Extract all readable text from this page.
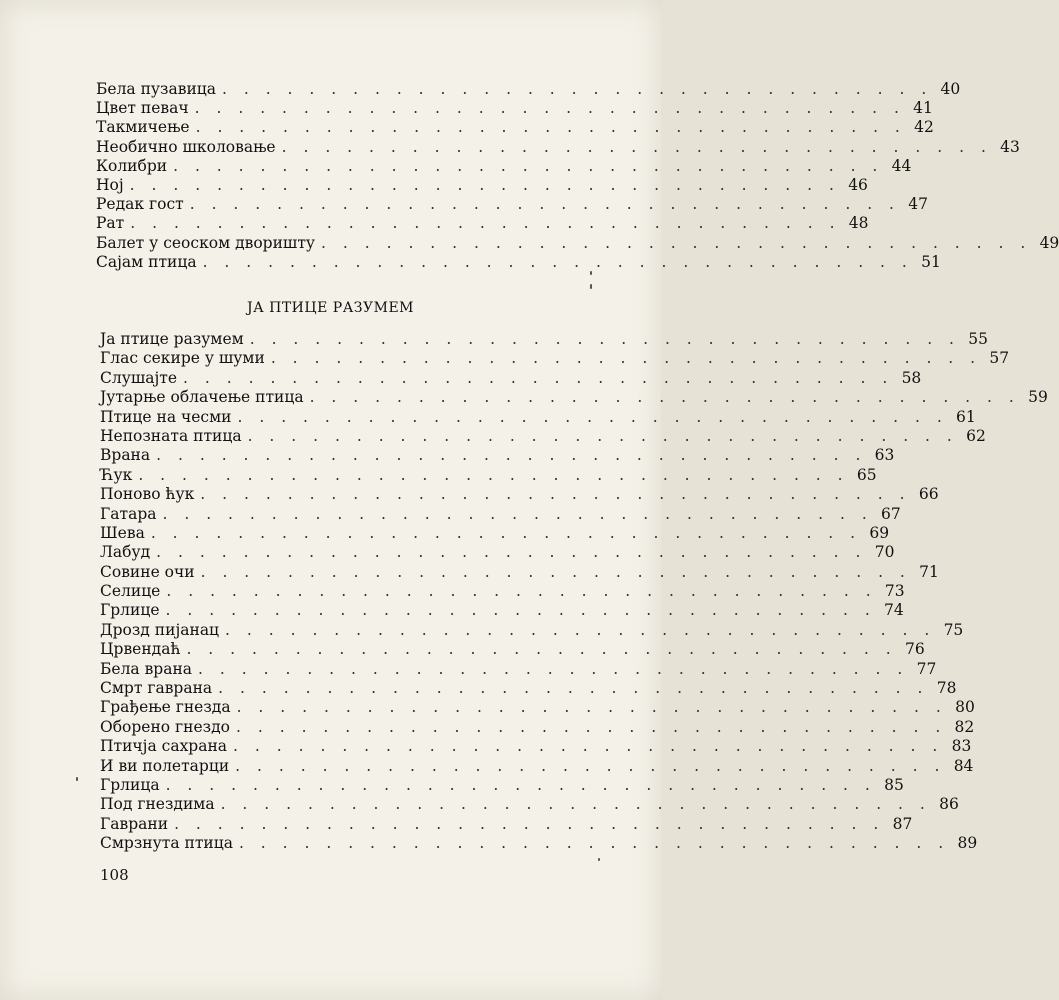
Бела пузавица . . . . . . . . . . . . . . . . . . . . . . . . . . . . . . . . . 40
Цвет певач . . . . . . . . . . . . . . . . . . . . . . . . . . . . . . . . . 41
Такмичење . . . . . . . . . . . . . . . . . . . . . . . . . . . . . . . . . 42
Необично школовање . . . . . . . . . . . . . . . . . . . . . . . . . . . . . . . . . 43
Колибри . . . . . . . . . . . . . . . . . . . . . . . . . . . . . . . . . 44
Нoj . . . . . . . . . . . . . . . . . . . . . . . . . . . . . . . . . 46
Редак гост . . . . . . . . . . . . . . . . . . . . . . . . . . . . . . . . . 47
Рат . . . . . . . . . . . . . . . . . . . . . . . . . . . . . . . . . 48
Балет у сеоском дворишту . . . . . . . . . . . . . . . . . . . . . . . . . . . . . . . . . 49
Сајам птица . . . . . . . . . . . . . . . . . . . . . . . . . . . . . . . . . 51
ЈА ПТИЦЕ РАЗУМЕМ
Ја птице разумем . . . . . . . . . . . . . . . . . . . . . . . . . . . . . . . . . 55
Глас секире у шуми . . . . . . . . . . . . . . . . . . . . . . . . . . . . . . . . . 57
Слушајте . . . . . . . . . . . . . . . . . . . . . . . . . . . . . . . . . 58
Јутарње облачење птица . . . . . . . . . . . . . . . . . . . . . . . . . . . . . . . . . 59
Птице на чесми . . . . . . . . . . . . . . . . . . . . . . . . . . . . . . . . . 61
Непозната птица . . . . . . . . . . . . . . . . . . . . . . . . . . . . . . . . . 62
Врана . . . . . . . . . . . . . . . . . . . . . . . . . . . . . . . . . 63
Ћук . . . . . . . . . . . . . . . . . . . . . . . . . . . . . . . . . 65
Поново ћук . . . . . . . . . . . . . . . . . . . . . . . . . . . . . . . . . 66
Гатара . . . . . . . . . . . . . . . . . . . . . . . . . . . . . . . . . 67
Шева . . . . . . . . . . . . . . . . . . . . . . . . . . . . . . . . . 69
Лабуд . . . . . . . . . . . . . . . . . . . . . . . . . . . . . . . . . 70
Совине очи . . . . . . . . . . . . . . . . . . . . . . . . . . . . . . . . . 71
Селице . . . . . . . . . . . . . . . . . . . . . . . . . . . . . . . . . 73
Грлице . . . . . . . . . . . . . . . . . . . . . . . . . . . . . . . . . 74
Дрозд пијанац . . . . . . . . . . . . . . . . . . . . . . . . . . . . . . . . . 75
Црвендаћ . . . . . . . . . . . . . . . . . . . . . . . . . . . . . . . . . 76
Бела врана . . . . . . . . . . . . . . . . . . . . . . . . . . . . . . . . . 77
Смрт гаврана . . . . . . . . . . . . . . . . . . . . . . . . . . . . . . . . . 78
Грађење гнезда . . . . . . . . . . . . . . . . . . . . . . . . . . . . . . . . . 80
Оборено гнездо . . . . . . . . . . . . . . . . . . . . . . . . . . . . . . . . . 82
Птичја сахрана . . . . . . . . . . . . . . . . . . . . . . . . . . . . . . . . . 83
И ви полетарци . . . . . . . . . . . . . . . . . . . . . . . . . . . . . . . . . 84
Грлица . . . . . . . . . . . . . . . . . . . . . . . . . . . . . . . . . 85
Под гнездима . . . . . . . . . . . . . . . . . . . . . . . . . . . . . . . . . 86
Гаврани . . . . . . . . . . . . . . . . . . . . . . . . . . . . . . . . . 87
Смрзнута птица . . . . . . . . . . . . . . . . . . . . . . . . . . . . . . . . . 89
108
